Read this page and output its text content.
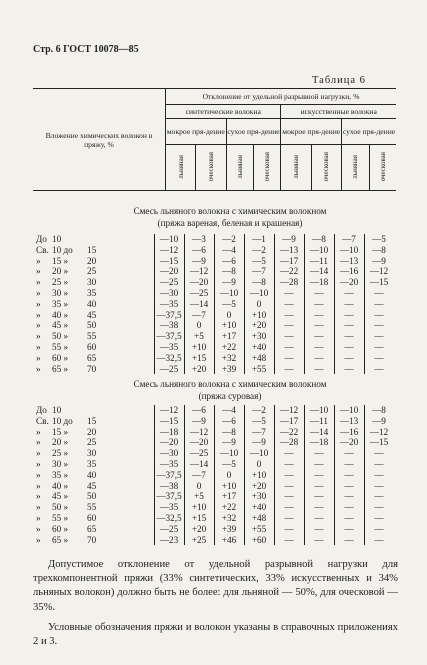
Стр. 6 ГОСТ 10078—85
Таблица 6
Вложение химических волокон в пряжу, %	Отклонение от удельной разрывной нагрузки, %							
	синтетические волокна				искусственные волокна			
	мокрое пря-дение		сухое пря-дение		мокрое пря-дение		сухое пря-дение	
	льняная	оческовая	льняная	оческовая	льняная	оческовая	льняная	оческовая
Смесь льняного волокна с химическим волокном
(пряжа вареная, беленая и крашеная)
До 10	—10	—3	—2	—1	—9	—8	—7	—5
Св. 10 до 15	—12	—6	—4	—2	—13	—10	—10	—8
» 15 » 20	—15	—9	—6	—5	—17	—11	—13	—9
» 20 » 25	—20	—12	—8	—7	—22	—14	—16	—12
» 25 » 30	—25	—20	—9	—8	—28	—18	—20	—15
» 30 » 35	—30	—25	—10	—10	—	—	—	—
» 35 » 40	—35	—14	—5	0	—	—	—	—
» 40 » 45	—37,5	—7	0	+10	—	—	—	—
» 45 » 50	—38	0	+10	+20	—	—	—	—
» 50 » 55	—37,5	+5	+17	+30	—	—	—	—
» 55 » 60	—35	+10	+22	+40	—	—	—	—
» 60 » 65	—32,5	+15	+32	+48	—	—	—	—
» 65 » 70	—25	+20	+39	+55	—	—	—	—
Смесь льняного волокна с химическим волокном
(пряжа суровая)
До 10	—12	—6	—4	—2	—12	—10	—10	—8
Св. 10 до 15	—15	—9	—6	—5	—17	—11	—13	—9
» 15 » 20	—18	—12	—8	—7	—22	—14	—16	—12
» 20 » 25	—20	—20	—9	—9	—28	—18	—20	—15
» 25 » 30	—30	—25	—10	—10	—	—	—	—
» 30 » 35	—35	—14	—5	0	—	—	—	—
» 35 » 40	—37,5	—7	0	+10	—	—	—	—
» 40 » 45	—38	0	+10	+20	—	—	—	—
» 45 » 50	—37,5	+5	+17	+30	—	—	—	—
» 50 » 55	—35	+10	+22	+40	—	—	—	—
» 55 » 60	—32,5	+15	+32	+48	—	—	—	—
» 60 » 65	—25	+20	+39	+55	—	—	—	—
» 65 » 70	—23	+25	+46	+60	—	—	—	—

Допустимое отклонение от удельной разрывной нагрузки для трехкомпонентной пряжи (33% синтетических, 33% искусственных и 34% льняных волокон) должно быть не более: для льняной — 50%, для оческовой — 35%.

Условные обозначения пряжи и волокон указаны в справочных приложениях 2 и 3.
